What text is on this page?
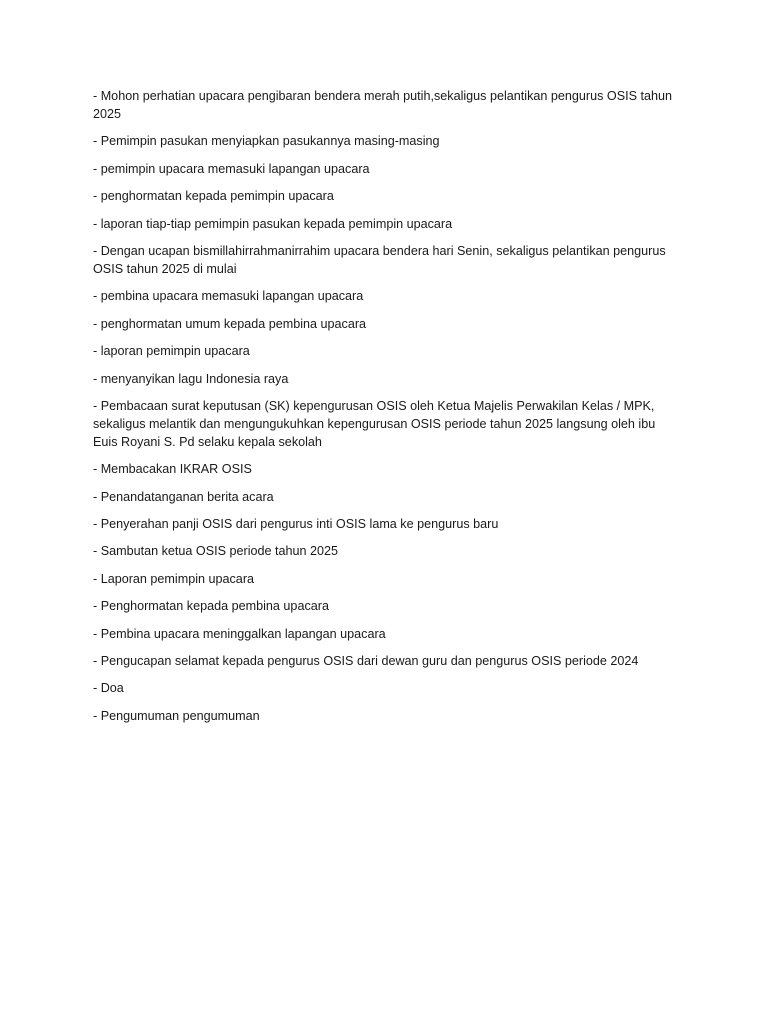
- Mohon perhatian upacara pengibaran bendera merah putih,sekaligus pelantikan pengurus OSIS tahun 2025

- Pemimpin pasukan menyiapkan pasukannya masing-masing

- pemimpin upacara memasuki lapangan upacara

- penghormatan kepada pemimpin upacara

- laporan tiap-tiap pemimpin pasukan kepada pemimpin upacara

- Dengan ucapan bismillahirrahmanirrahim upacara bendera hari Senin, sekaligus pelantikan pengurus OSIS tahun 2025 di mulai

- pembina upacara memasuki lapangan upacara

- penghormatan umum kepada pembina upacara

- laporan pemimpin upacara

- menyanyikan lagu Indonesia raya

- Pembacaan surat keputusan (SK) kepengurusan OSIS oleh Ketua Majelis Perwakilan Kelas / MPK, sekaligus melantik dan mengungukuhkan kepengurusan OSIS periode tahun 2025 langsung oleh ibu Euis Royani S. Pd selaku kepala sekolah

- Membacakan IKRAR OSIS

- Penandatanganan berita acara

- Penyerahan panji OSIS dari pengurus inti OSIS lama ke pengurus baru

- Sambutan ketua OSIS periode tahun 2025

- Laporan pemimpin upacara

- Penghormatan kepada pembina upacara

- Pembina upacara meninggalkan lapangan upacara

- Pengucapan selamat kepada pengurus OSIS dari dewan guru dan pengurus OSIS periode 2024

- Doa

- Pengumuman pengumuman
